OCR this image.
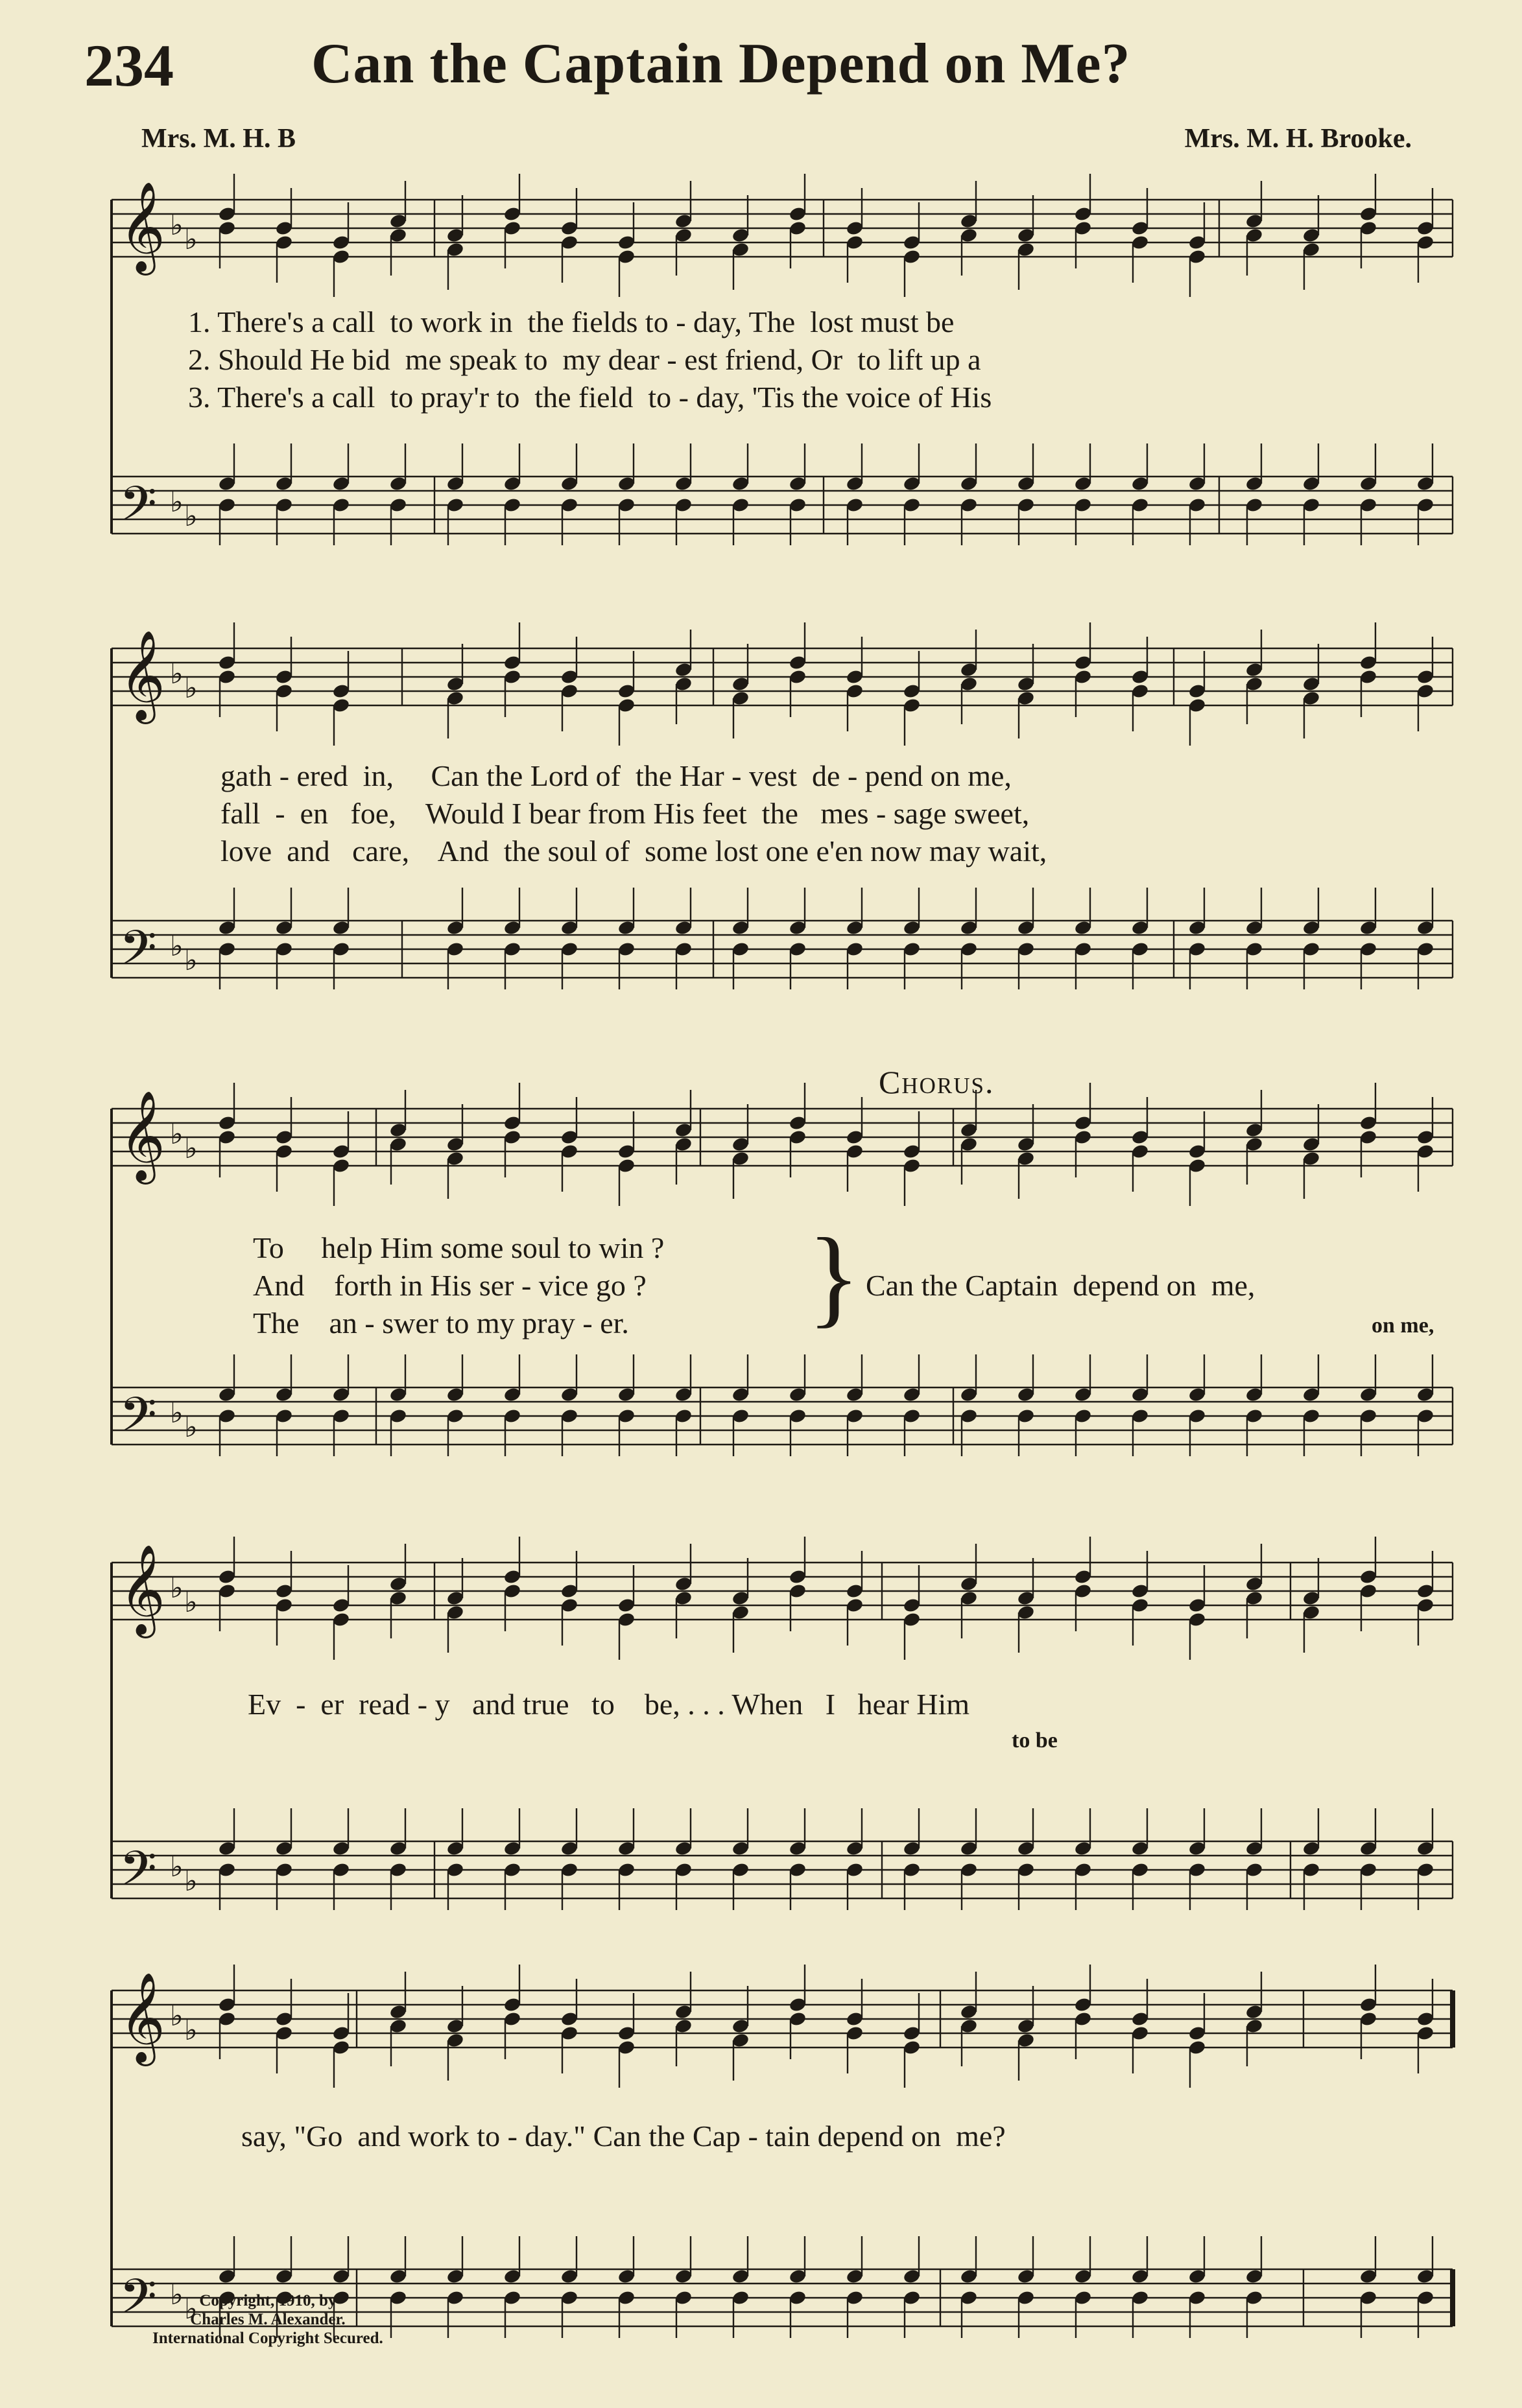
234 Can the Captain Depend on Me?
Mrs. M. H. B	Mrs. M. H. Brooke.
𝄞 ♭ ♭
𝄢 ♭ ♭
1. There's a call  to work in  the fields to - day, The  lost must be
2. Should He bid  me speak to  my dear - est friend, Or  to lift up a
3. There's a call  to pray'r to  the field  to - day, 'Tis the voice of His
𝄞 ♭ ♭
𝄢 ♭ ♭
gath - ered  in,     Can the Lord of  the Har - vest  de - pend on me,
fall  -  en   foe,    Would I bear from His feet  the   mes - sage sweet,
love  and   care,    And  the soul of  some lost one e'en now may wait,
𝄞 ♭ ♭
𝄢 ♭ ♭
Chorus.
To     help Him some soul to win ?
And    forth in His ser - vice go ?
The    an - swer to my pray - er. } Can the Captain  depend on  me,
on me,
𝄞 ♭ ♭
𝄢 ♭ ♭
Ev  -  er  read - y   and true   to    be, . . . When   I   hear Him
to be
𝄞 ♭ ♭
𝄢 ♭ ♭
say, "Go  and work to - day." Can the Cap - tain depend on  me?
Copyright, 1910, by
Charles M. Alexander.
International Copyright Secured.
